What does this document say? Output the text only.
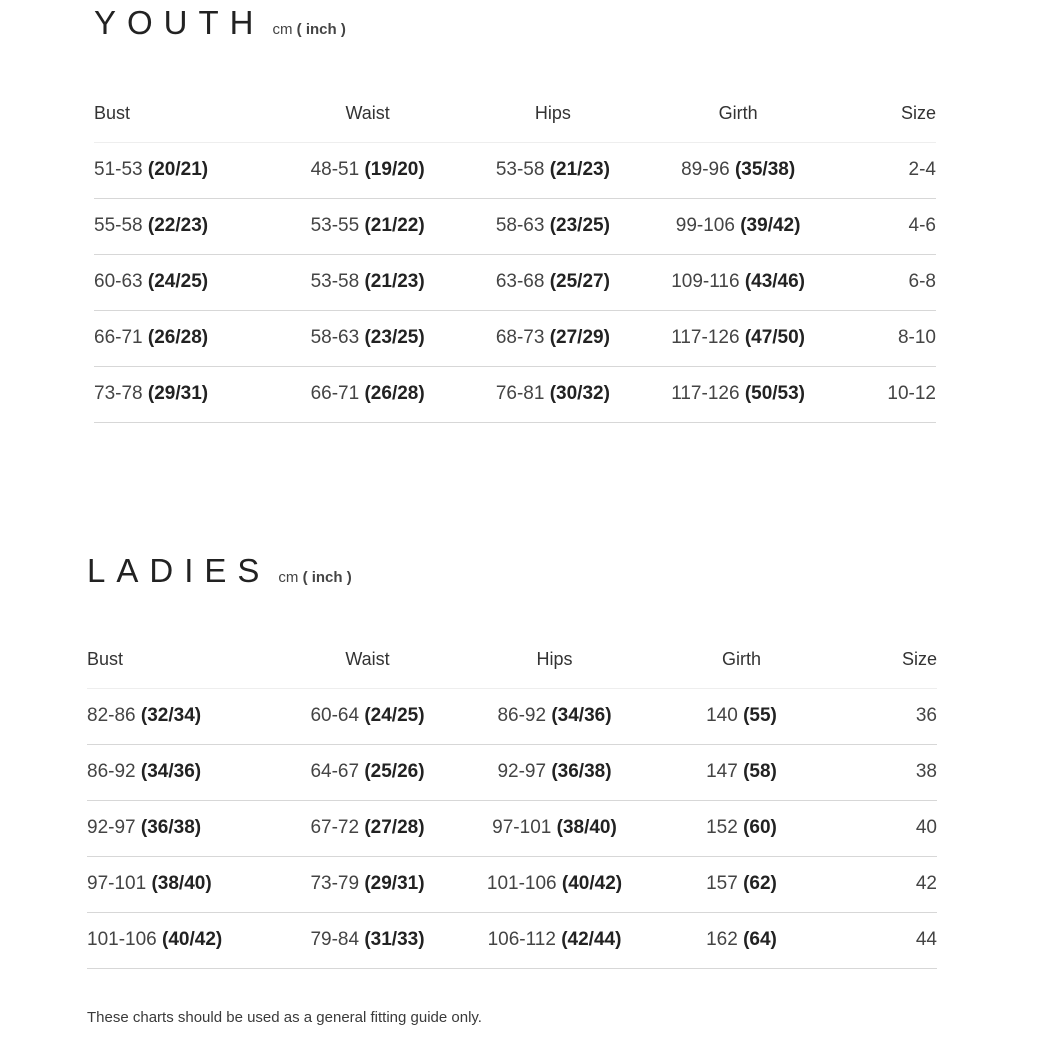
YOUTH cm ( inch )
Bust	Waist	Hips	Girth	Size
51-53 (20/21)	48-51 (19/20)	53-58 (21/23)	89-96 (35/38)	2-4
55-58 (22/23)	53-55 (21/22)	58-63 (23/25)	99-106 (39/42)	4-6
60-63 (24/25)	53-58 (21/23)	63-68 (25/27)	109-116 (43/46)	6-8
66-71 (26/28)	58-63 (23/25)	68-73 (27/29)	117-126 (47/50)	8-10
73-78 (29/31)	66-71 (26/28)	76-81 (30/32)	117-126 (50/53)	10-12
LADIES cm ( inch )
Bust	Waist	Hips	Girth	Size
82-86 (32/34)	60-64 (24/25)	86-92 (34/36)	140 (55)	36
86-92 (34/36)	64-67 (25/26)	92-97 (36/38)	147 (58)	38
92-97 (36/38)	67-72 (27/28)	97-101 (38/40)	152 (60)	40
97-101 (38/40)	73-79 (29/31)	101-106 (40/42)	157 (62)	42
101-106 (40/42)	79-84 (31/33)	106-112 (42/44)	162 (64)	44
These charts should be used as a general fitting guide only.
